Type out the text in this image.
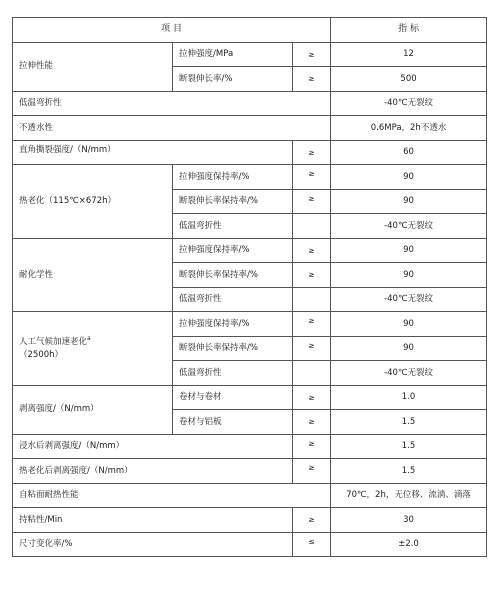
项 目			指 标
拉伸性能	拉伸强度/MPa	≥	12
	断裂伸长率/%	≥	500
低温弯折性			-40℃无裂纹
不透水性			0.6MPa，2h不透水
直角撕裂强度/（N/mm）		≥	60
热老化（115℃×672h）	拉伸强度保持率/%	≥	90
	断裂伸长率保持率/%	≥	90
	低温弯折性		-40℃无裂纹
耐化学性	拉伸强度保持率/%	≥	90
	断裂伸长率保持率/%	≥	90
	低温弯折性		-40℃无裂纹
人工气候加速老化$^a$
（2500h）	拉伸强度保持率/%	≥	90
	断裂伸长率保持率/%	≥	90
	低温弯折性		-40℃无裂纹
剥离强度/（N/mm）	卷材与卷材	≥	1.0
	卷材与铝板	≥	1.5
浸水后剥离强度/（N/mm）		≥	1.5
热老化后剥离强度/（N/mm）		≥	1.5
自粘面耐热性能			70℃，2h，无位移、流淌、滴落
持粘性/Min		≥	30
尺寸变化率/%		≤	±2.0
